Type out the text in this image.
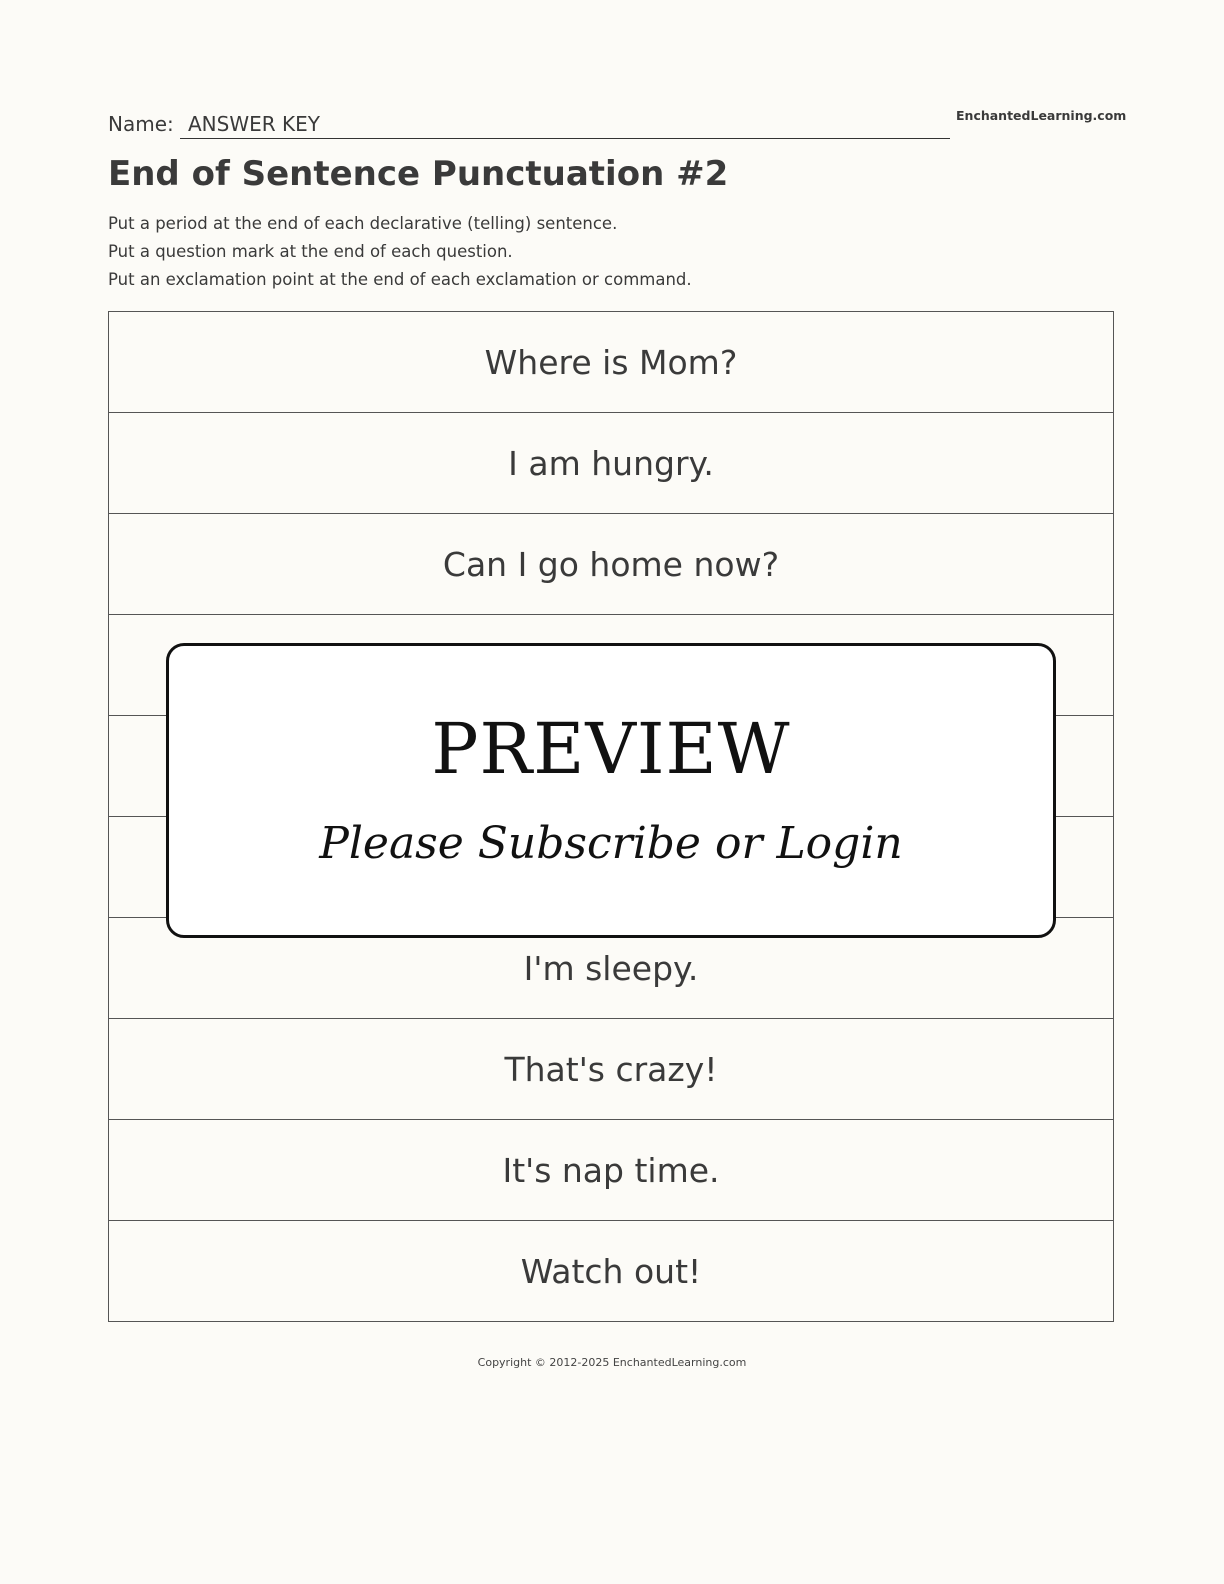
Name: ANSWER KEY	EnchantedLearning.com
End of Sentence Punctuation #2
Put a period at the end of each declarative (telling) sentence.
Put a question mark at the end of each question.
Put an exclamation point at the end of each exclamation or command.
Where is Mom?
I am hungry.
Can I go home now?
I'm sleepy.
That's crazy!
It's nap time.
Watch out!
PREVIEW
Please Subscribe or Login
Copyright © 2012-2025 EnchantedLearning.com
